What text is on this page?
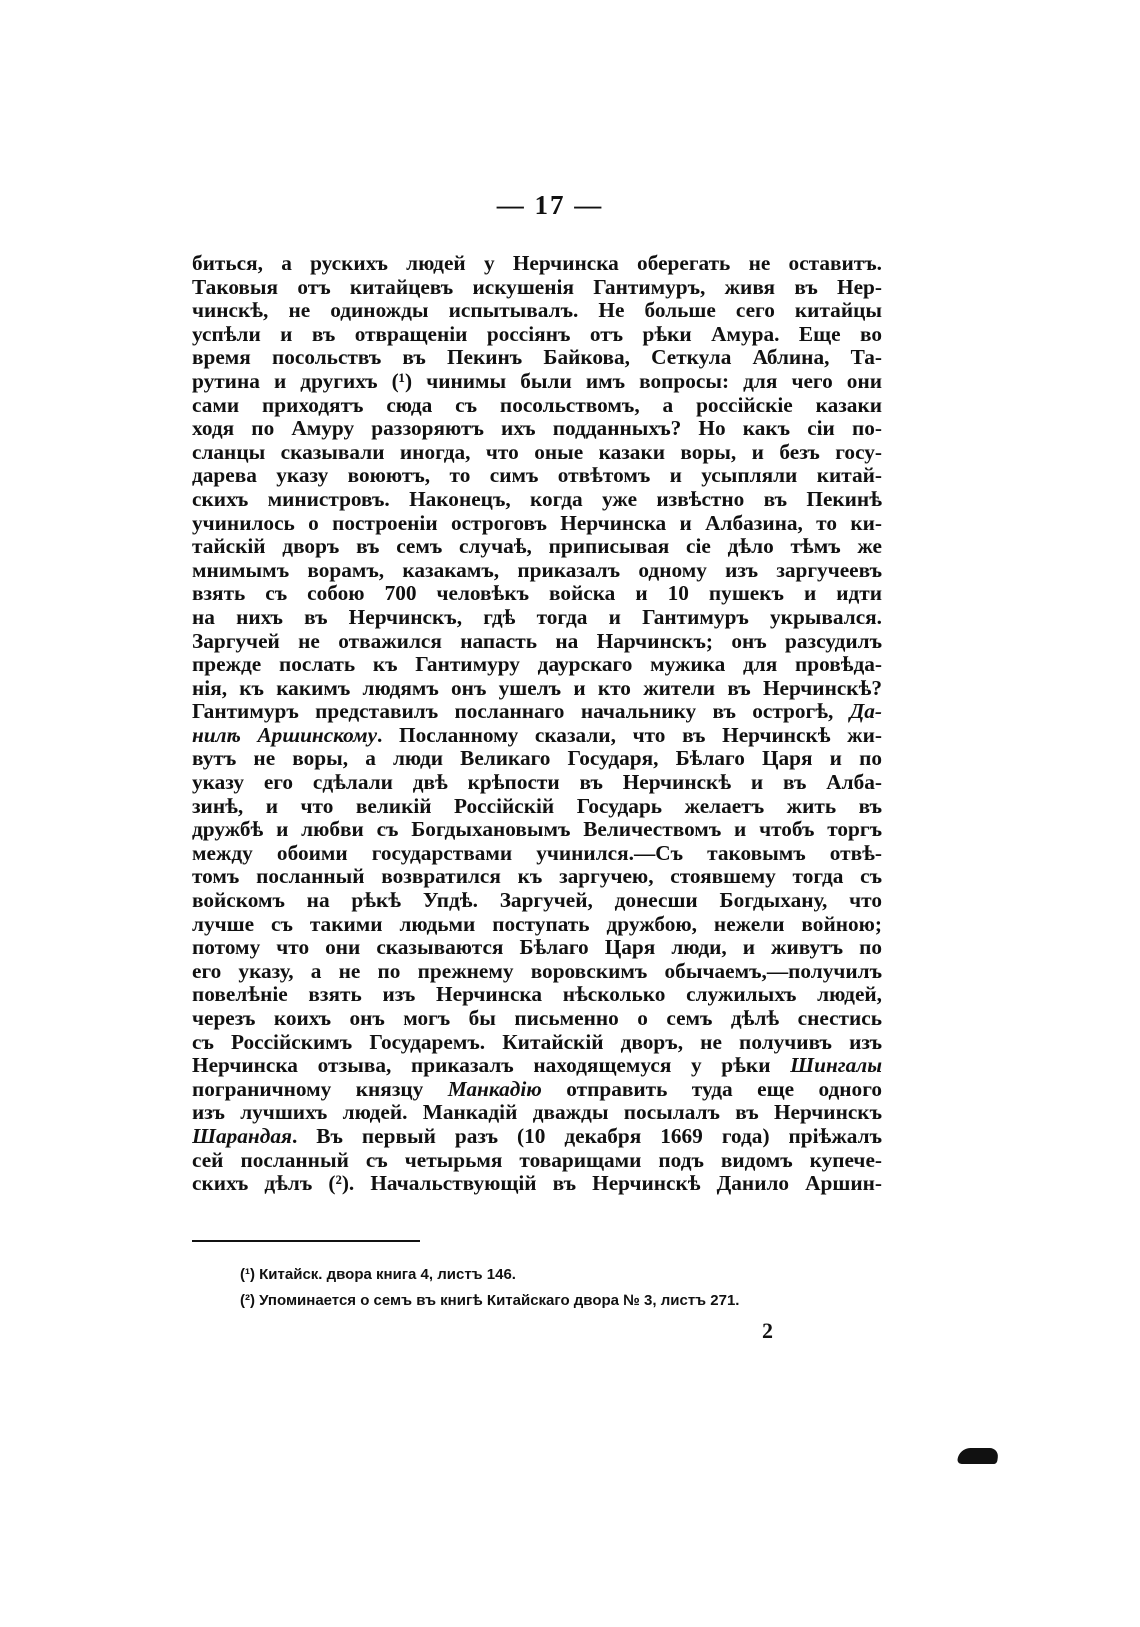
— 17 —
биться, а рускихъ людей у Нерчинска оберегать не оставитъ.
Таковыя отъ китайцевъ искушенія Гантимуръ, живя въ Нер-
чинскѣ, не одиножды испытывалъ. Не больше сего китайцы
успѣли и въ отвращеніи россіянъ отъ рѣки Амура. Еще во
время посольствъ въ Пекинъ Байкова, Сеткула Аблина, Та-
рутина и другихъ (¹) чинимы были имъ вопросы: для чего они
сами приходятъ сюда съ посольствомъ, а россійскіе казаки
ходя по Амуру раззоряютъ ихъ подданныхъ? Но какъ сіи по-
сланцы сказывали иногда, что оные казаки воры, и безъ госу-
дарева указу воюютъ, то симъ отвѣтомъ и усыпляли китай-
скихъ министровъ. Наконецъ, когда уже извѣстно въ Пекинѣ
учинилось о построеніи остроговъ Нерчинска и Албазина, то ки-
тайскій дворъ въ семъ случаѣ, приписывая сіе дѣло тѣмъ же
мнимымъ ворамъ, казакамъ, приказалъ одному изъ заргучеевъ
взять съ собою 700 человѣкъ войска и 10 пушекъ и идти
на нихъ въ Нерчинскъ, гдѣ тогда и Гантимуръ укрывался.
Заргучей не отважился напасть на Нарчинскъ; онъ разсудилъ
прежде послать къ Гантимуру даурскаго мужика для провѣда-
нія, къ какимъ людямъ онъ ушелъ и кто жители въ Нерчинскѣ?
Гантимуръ представилъ посланнаго начальнику въ острогѣ, Да-
нилѣ Аршинскому. Посланному сказали, что въ Нерчинскѣ жи-
вутъ не воры, а люди Великаго Государя, Бѣлаго Царя и по
указу его сдѣлали двѣ крѣпости въ Нерчинскѣ и въ Алба-
зинѣ, и что великій Россійскій Государь желаетъ жить въ
дружбѣ и любви съ Богдыхановымъ Величествомъ и чтобъ торгъ
между обоими государствами учинился.—Съ таковымъ отвѣ-
томъ посланный возвратился къ заргучею, стоявшему тогда съ
войскомъ на рѣкѣ Упдѣ. Заргучей, донесши Богдыхану, что
лучше съ такими людьми поступать дружбою, нежели войною;
потому что они сказываются Бѣлаго Царя люди, и живутъ по
его указу, а не по прежнему воровскимъ обычаемъ,—получилъ
повелѣніе взять изъ Нерчинска нѣсколько служилыхъ людей,
черезъ коихъ онъ могъ бы письменно о семъ дѣлѣ снестись
съ Россійскимъ Государемъ. Китайскій дворъ, не получивъ изъ
Нерчинска отзыва, приказалъ находящемуся у рѣки Шингалы
пограничному князцу Манкадію отправить туда еще одного
изъ лучшихъ людей. Манкадій дважды посылалъ въ Нерчинскъ
Шарандая. Въ первый разъ (10 декабря 1669 года) пріѣжалъ
сей посланный съ четырьмя товарищами подъ видомъ купече-
скихъ дѣлъ (²). Начальствующій въ Нерчинскѣ Данило Аршин-
(¹) Китайск. двора книга 4, листъ 146.
(²) Упоминается о семъ въ книгѣ Китайскаго двора № 3, листъ 271.
2
